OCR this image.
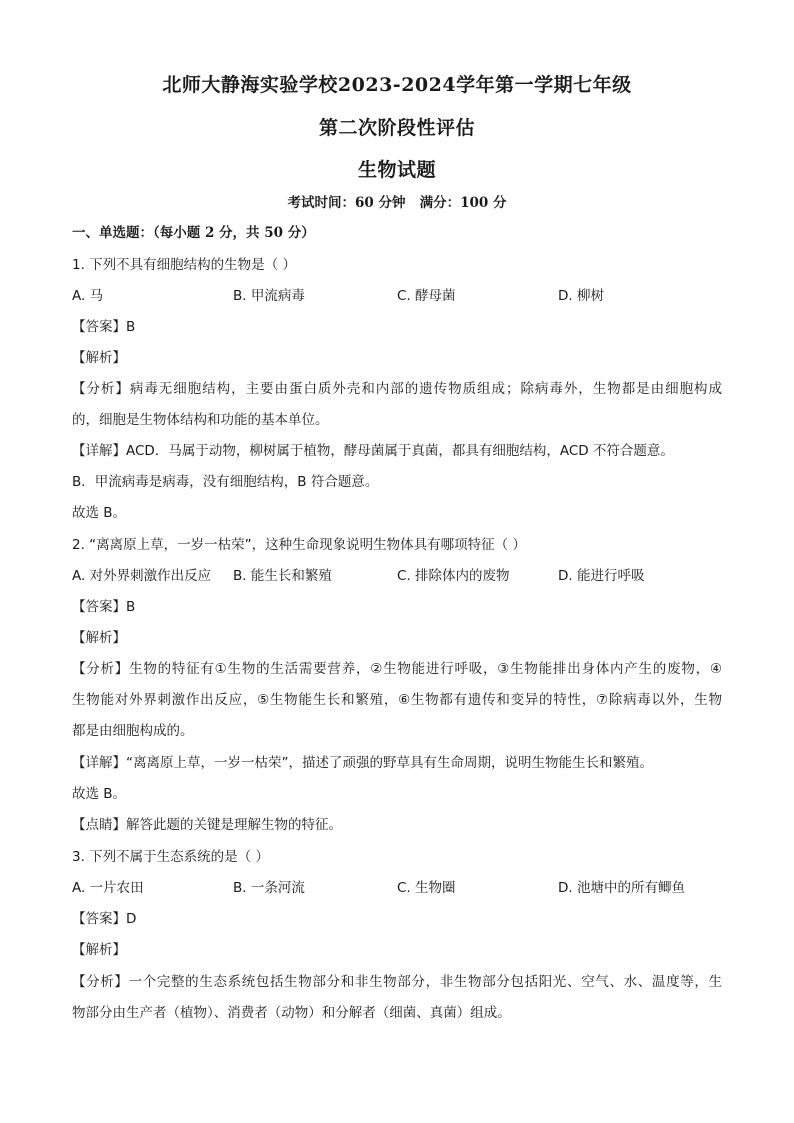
北师大静海实验学校2023-2024学年第一学期七年级
第二次阶段性评估
生物试题
考试时间：60 分钟   满分：100 分
一、单选题：（每小题 2 分，共 50 分）
1. 下列不具有细胞结构的生物是（ ）
A. 马	B. 甲流病毒	C. 酵母菌	D. 柳树
【答案】B
【解析】
【分析】病毒无细胞结构，主要由蛋白质外壳和内部的遗传物质组成；除病毒外，生物都是由细胞构成
的，细胞是生物体结构和功能的基本单位。
【详解】ACD．马属于动物，柳树属于植物，酵母菌属于真菌，都具有细胞结构，ACD 不符合题意。
B．甲流病毒是病毒，没有细胞结构，B 符合题意。
故选 B。
2. “离离原上草，一岁一枯荣”，这种生命现象说明生物体具有哪项特征（ ）
A. 对外界刺激作出反应 B. 能生长和繁殖	C. 排除体内的废物	D. 能进行呼吸
【答案】B
【解析】
【分析】生物的特征有①生物的生活需要营养，②生物能进行呼吸，③生物能排出身体内产生的废物，④
生物能对外界刺激作出反应，⑤生物能生长和繁殖，⑥生物都有遗传和变异的特性，⑦除病毒以外，生物
都是由细胞构成的。
【详解】“离离原上草，一岁一枯荣”，描述了顽强的野草具有生命周期，说明生物能生长和繁殖。
故选 B。
【点睛】解答此题的关键是理解生物的特征。
3. 下列不属于生态系统的是（ ）
A. 一片农田	B. 一条河流	C. 生物圈	D. 池塘中的所有鲫鱼
【答案】D
【解析】
【分析】一个完整的生态系统包括生物部分和非生物部分，非生物部分包括阳光、空气、水、温度等，生
物部分由生产者（植物）、消费者（动物）和分解者（细菌、真菌）组成。
